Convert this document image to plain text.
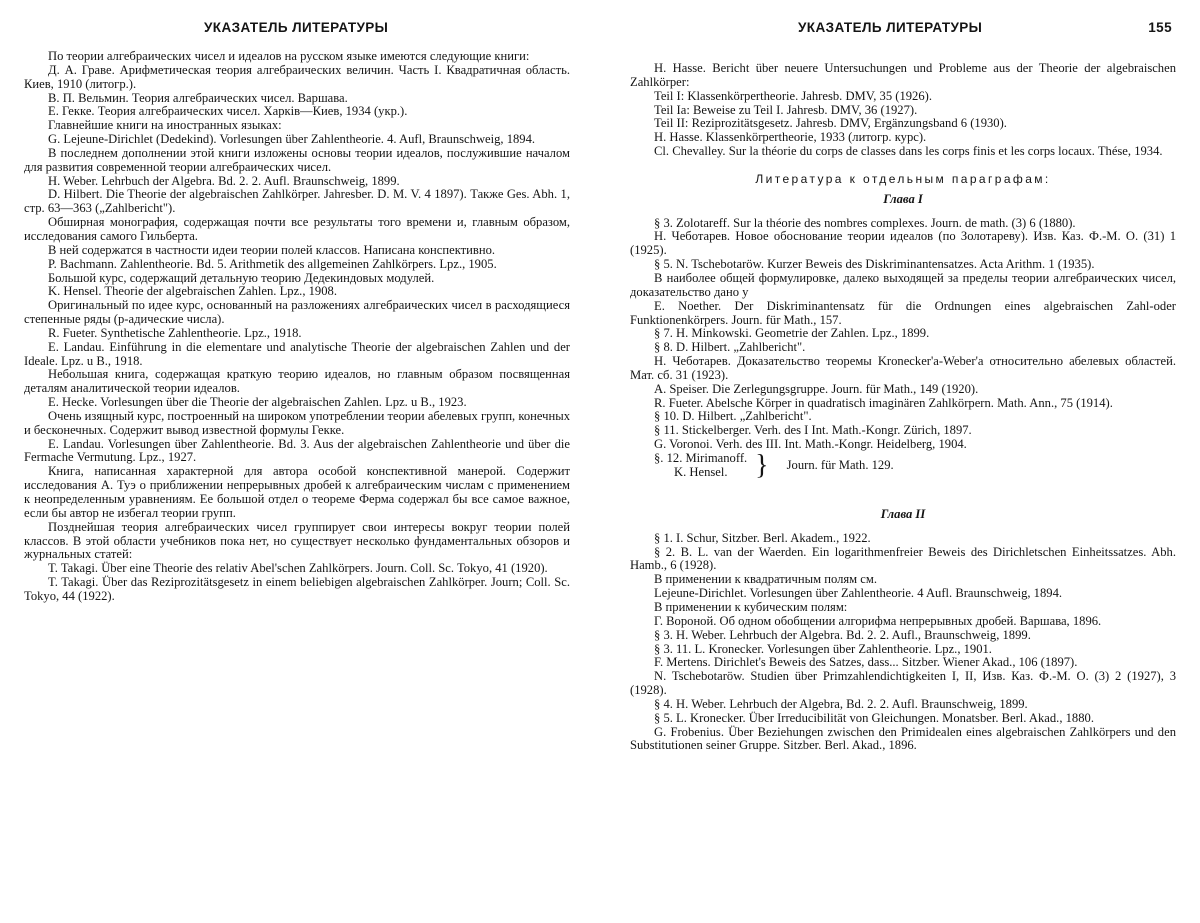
УКАЗАТЕЛЬ ЛИТЕРАТУРЫ

По теории алгебраических чисел и идеалов на русском языке имеются следующие книги:

Д. А. Граве. Арифметическая теория алгебраических величин. Часть I. Квадратичная область. Киев, 1910 (литогр.).

В. П. Вельмин. Теория алгебраических чисел. Варшава.

Е. Гекке. Теория алгебраических чисел. Харкiв—Киев, 1934 (укр.).

Главнейшие книги на иностранных языках:

G. Lejeune-Dirichlet (Dedekind). Vorlesungen über Zahlentheorie. 4. Aufl, Braunschweig, 1894.

В последнем дополнении этой книги изложены основы теории идеалов, послужившие началом для развития современной теории алгебраических чисел.

H. Weber. Lehrbuch der Algebra. Bd. 2. 2. Aufl. Braunschweig, 1899.

D. Hilbert. Die Theorie der algebraischen Zahlkörper. Jahresber. D. M. V. 4 1897). Также Ges. Abh. 1, стр. 63—363 („Zahlbericht").

Обширная монография, содержащая почти все результаты того времени и, главным образом, исследования самого Гильберта.

В ней содержатся в частности идеи теории полей классов. Написана конспективно.

P. Bachmann. Zahlentheorie. Bd. 5. Arithmetik des allgemeinen Zahlkörpers. Lpz., 1905.

Большой курс, содержащий детальную теорию Дедекиндовых модулей.

K. Hensel. Theorie der algebraischen Zahlen. Lpz., 1908.

Оригинальный по идее курс, основанный на разложениях алгебраических чисел в расходящиеся степенные ряды (p-адические числа).

R. Fueter. Synthetische Zahlentheorie. Lpz., 1918.

E. Landau. Einführung in die elementare und analytische Theorie der algebraischen Zahlen und der Ideale. Lpz. u B., 1918.

Небольшая книга, содержащая краткую теорию идеалов, но главным образом посвященная деталям аналитической теории идеалов.

E. Hecke. Vorlesungen über die Theorie der algebraischen Zahlen. Lpz. u B., 1923.

Очень изящный курс, построенный на широком употреблении теории абелевых групп, конечных и бесконечных. Содержит вывод известной формулы Гекке.

E. Landau. Vorlesungen über Zahlentheorie. Bd. 3. Aus der algebraischen Zahlentheorie und über die Fermache Vermutung. Lpz., 1927.

Книга, написанная характерной для автора особой конспективной манерой. Содержит исследования А. Туэ о приближении непрерывных дробей к алгебраическим числам с применением к неопределенным уравнениям. Ее большой отдел о теореме Ферма содержал бы все самое важное, если бы автор не избегал теории групп.

Позднейшая теория алгебраических чисел группирует свои интересы вокруг теории полей классов. В этой области учебников пока нет, но существует несколько фундаментальных обзоров и журнальных статей:

T. Takagi. Über eine Theorie des relativ Abel'schen Zahlkörpers. Journ. Coll. Sc. Tokyo, 41 (1920).

T. Takagi. Über das Reziprozitätsgesetz in einem beliebigen algebraischen Zahlkörper. Journ; Coll. Sc. Tokyo, 44 (1922).

УКАЗАТЕЛЬ ЛИТЕРАТУРЫ	155

H. Hasse. Bericht über neuere Untersuchungen und Probleme aus der Theorie der algebraischen Zahlkörper:

Teil I: Klassenkörpertheorie. Jahresb. DMV, 35 (1926).

Teil Ia: Beweise zu Teil I. Jahresb. DMV, 36 (1927).

Teil II: Reziprozitätsgesetz. Jahresb. DMV, Ergänzungsband 6 (1930).

H. Hasse. Klassenkörpertheorie, 1933 (литогр. курс).

Cl. Chevalley. Sur la théorie du corps de classes dans les corps finis et les corps locaux. Thése, 1934.

Литература к отдельным параграфам:

Глава I

§ 3. Zolotareff. Sur la théorie des nombres complexes. Journ. de math. (3) 6 (1880).

Н. Чеботарев. Новое обоснование теории идеалов (по Золотареву). Изв. Каз. Ф.-М. О. (31) 1 (1925).

§ 5. N. Tschebotaröw. Kurzer Beweis des Diskriminantensatzes. Acta Arithm. 1 (1935).

В наиболее общей формулировке, далеко выходящей за пределы теории алгебраических чисел, доказательство дано у

E. Noether. Der Diskriminantensatz für die Ordnungen eines algebraischen Zahl-oder Funktionenkörpers. Journ. für Math., 157.

§ 7. H. Minkowski. Geometrie der Zahlen. Lpz., 1899.

§ 8. D. Hilbert. „Zahlbericht".

Н. Чеботарев. Доказательство теоремы Kronecker'a-Weber'a относительно абелевых областей. Мат. сб. 31 (1923).

A. Speiser. Die Zerlegungsgruppe. Journ. für Math., 149 (1920).

R. Fueter. Abelsche Körper in quadratisch imaginären Zahlkörpern. Math. Ann., 75 (1914).

§ 10. D. Hilbert. „Zahlbericht".

§ 11. Stickelberger. Verh. des I Int. Math.-Kongr. Zürich, 1897.

G. Voronoi. Verh. des III. Int. Math.-Kongr. Heidelberg, 1904.

§. 12. Mirimanoff.
K. Hensel. } Journ. für Math. 129.

Глава II

§ 1. I. Schur, Sitzber. Berl. Akadem., 1922.

§ 2. B. L. van der Waerden. Ein logarithmenfreier Beweis des Dirichletschen Einheitssatzes. Abh. Hamb., 6 (1928).

В применении к квадратичным полям см.

Lejeune-Dirichlet. Vorlesungen über Zahlentheorie. 4 Aufl. Braunschweig, 1894.

В применении к кубическим полям:

Г. Вороной. Об одном обобщении алгорифма непрерывных дробей. Варшава, 1896.

§ 3. H. Weber. Lehrbuch der Algebra. Bd. 2. 2. Aufl., Braunschweig, 1899.

§ 3. 11. L. Kronecker. Vorlesungen über Zahlentheorie. Lpz., 1901.

F. Mertens. Dirichlet's Beweis des Satzes, dass... Sitzber. Wiener Akad., 106 (1897).

N. Tschebotaröw. Studien über Primzahlendichtigkeiten I, II, Изв. Каз. Ф.-М. О. (3) 2 (1927), 3 (1928).

§ 4. H. Weber. Lehrbuch der Algebra, Bd. 2. 2. Aufl. Braunschweig, 1899.

§ 5. L. Kronecker. Über Irreducibilität von Gleichungen. Monatsber. Berl. Akad., 1880.

G. Frobenius. Über Beziehungen zwischen den Primidealen eines algebraischen Zahlkörpers und den Substitutionen seiner Gruppe. Sitzber. Berl. Akad., 1896.
